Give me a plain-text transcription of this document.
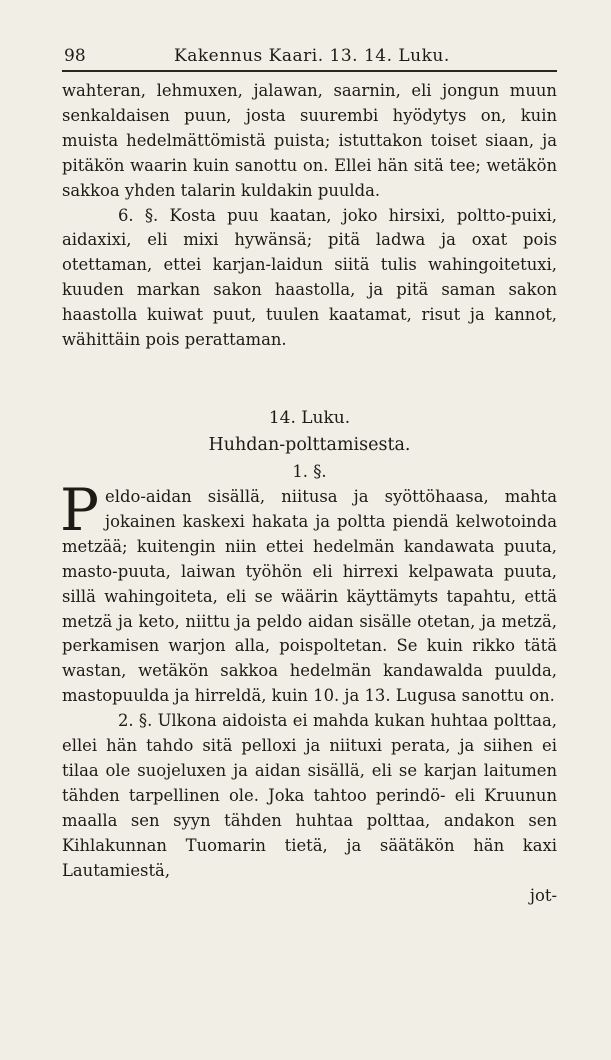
98	Kakennus Kaari. 13. 14. Luku.

wahteran, lehmuxen, jalawan, saarnin, eli jongun muun senkaldaisen puun, josta suurembi hyödytys on, kuin muista hedelmättömistä puista; istuttakon toiset siaan, ja pitäkön waarin kuin sanottu on. Ellei hän sitä tee; wetäkön sakkoa yhden talarin kuldakin puulda.

6. §. Kosta puu kaatan, joko hirsixi, poltto-puixi, aidaxixi, eli mixi hywänsä; pitä ladwa ja oxat pois otettaman, ettei karjan-laidun siitä tulis wahingoitetuxi, kuuden markan sakon haastolla, ja pitä saman sakon haastolla kuiwat puut, tuulen kaatamat, risut ja kannot, wähittäin pois perattaman.

14. Luku.

Huhdan-polttamisesta.

1. §.

Peldo-aidan sisällä, niitusa ja syöttöhaasa, mahta jokainen kaskexi hakata ja poltta piendä kelwotoinda metzää; kuitengin niin ettei hedelmän kandawata puuta, masto-puuta, laiwan työhön eli hirrexi kelpawata puuta, sillä wahingoiteta, eli se wäärin käyttämyts tapahtu, että metzä ja keto, niittu ja peldo aidan sisälle otetan, ja metzä, perkamisen warjon alla, poispoltetan. Se kuin rikko tätä wastan, wetäkön sakkoa hedelmän kandawalda puulda, mastopuulda ja hirreldä, kuin 10. ja 13. Lugusa sanottu on.

2. §. Ulkona aidoista ei mahda kukan huhtaa polttaa, ellei hän tahdo sitä pelloxi ja niituxi perata, ja siihen ei tilaa ole suojeluxen ja aidan sisällä, eli se karjan laitumen tähden tarpellinen ole. Joka tahtoo perindö- eli Kruunun maalla sen syyn tähden huhtaa polttaa, andakon sen Kihlakunnan Tuomarin tietä, ja säätäkön hän kaxi Lautamiestä,

jot-
